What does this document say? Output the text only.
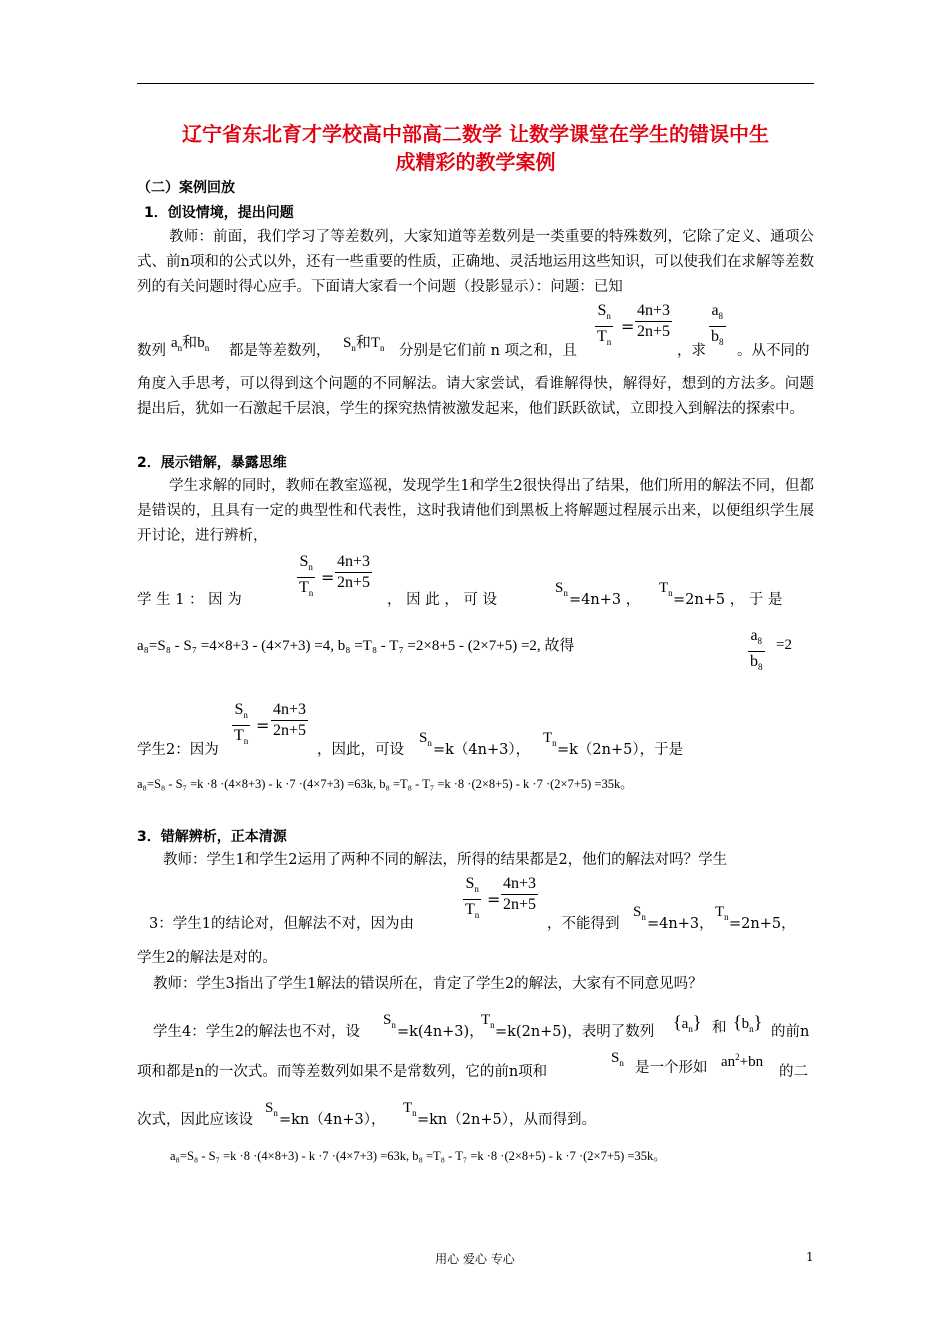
辽宁省东北育才学校高中部高二数学 让数学课堂在学生的错误中生
成精彩的教学案例
（二）案例回放
1．创设情境，提出问题
教师：前面，我们学习了等差数列，大家知道等差数列是一类重要的特殊数列，它除了定义、通项公式、前n项和的公式以外，还有一些重要的性质，正确地、灵活地运用这些知识，可以使我们在求解等差数列的有关问题时得心应手。下面请大家看一个问题（投影显示）：问题：已知
数列 $a_n$和$b_n$ 都是等差数列， $S_n$和$T_n$ 分别是它们前 n 项之和，且 $\frac{S_n}{T_n} = \frac{4n+3}{2n+5}$
，求 $\frac{a_8}{b_8}$ 。从不同的
角度入手思考，可以得到这个问题的不同解法。请大家尝试，看谁解得快，解得好，想到的方法多。问题提出后，犹如一石激起千层浪，学生的探究热情被激发起来，他们跃跃欲试，立即投入到解法的探索中。
2．展示错解，暴露思维
学生求解的同时，教师在教室巡视，发现学生1和学生2很快得出了结果，他们所用的解法不同，但都是错误的，且具有一定的典型性和代表性，这时我请他们到黑板上将解题过程展示出来，以便组织学生展开讨论，进行辨析，
学 生 1 ： 因 为	$\frac{S_n}{T_n} = \frac{4n+3}{2n+5}$
， 因 此 ， 可 设
$S_n =4n+3$ ，
$T_n =2n+5$ ， 于 是
a₈=S₈ - S₇ =4×8+3 - (4×7+3) =4, b₈ =T₈ - T₇ =2×8+5 - (2×7+5) =2, 故得	$\frac{a_8}{b_8} =2$
学生2：因为 $\frac{S_n}{T_n} = \frac{4n+3}{2n+5}$
，因此，可设
$S_n =k(4n+3)$，
$T_n =k(2n+5)$，于是
a₈=S₈ - S₇ =k ·8 ·(4×8+3) - k ·7 ·(4×7+3) =63k, b₈ =T₈ - T₇ =k ·8 ·(2×8+5) - k ·7 ·(2×7+5) =35k。
3．错解辨析，正本清源
教师：学生1和学生2运用了两种不同的解法，所得的结果都是2，他们的解法对吗？学生
3：学生1的结论对，但解法不对，因为由	$\frac{S_n}{T_n} = \frac{4n+3}{2n+5}$
，不能得到
$S_n =4n+3$，
$T_n =2n+5$，
学生2的解法是对的。
教师：学生3指出了学生1解法的错误所在，肯定了学生2的解法，大家有不同意见吗？
学生4：学生2的解法也不对，设
$S_n =k(4n+3)$，
$T_n =k(2n+5)$，表明了数列 $\{a_n\}$ 和 $\{b_n\}$ 的前n
项和都是n的一次式。而等差数列如果不是常数列，它的前n项和
$S_n$ 是一个形如 $an^2+bn$
的二
次式，因此应该设
$S_n =kn(4n+3)$，
$T_n =kn(2n+5)$，从而得到。
a₈=S₈ - S₇ =k ·8 ·(4×8+3) - k ·7 ·(4×7+3) =63k, b₈ =T₈ - T₇ =k ·8 ·(2×8+5) - k ·7 ·(2×7+5) =35k。
用心 爱心 专心	1
